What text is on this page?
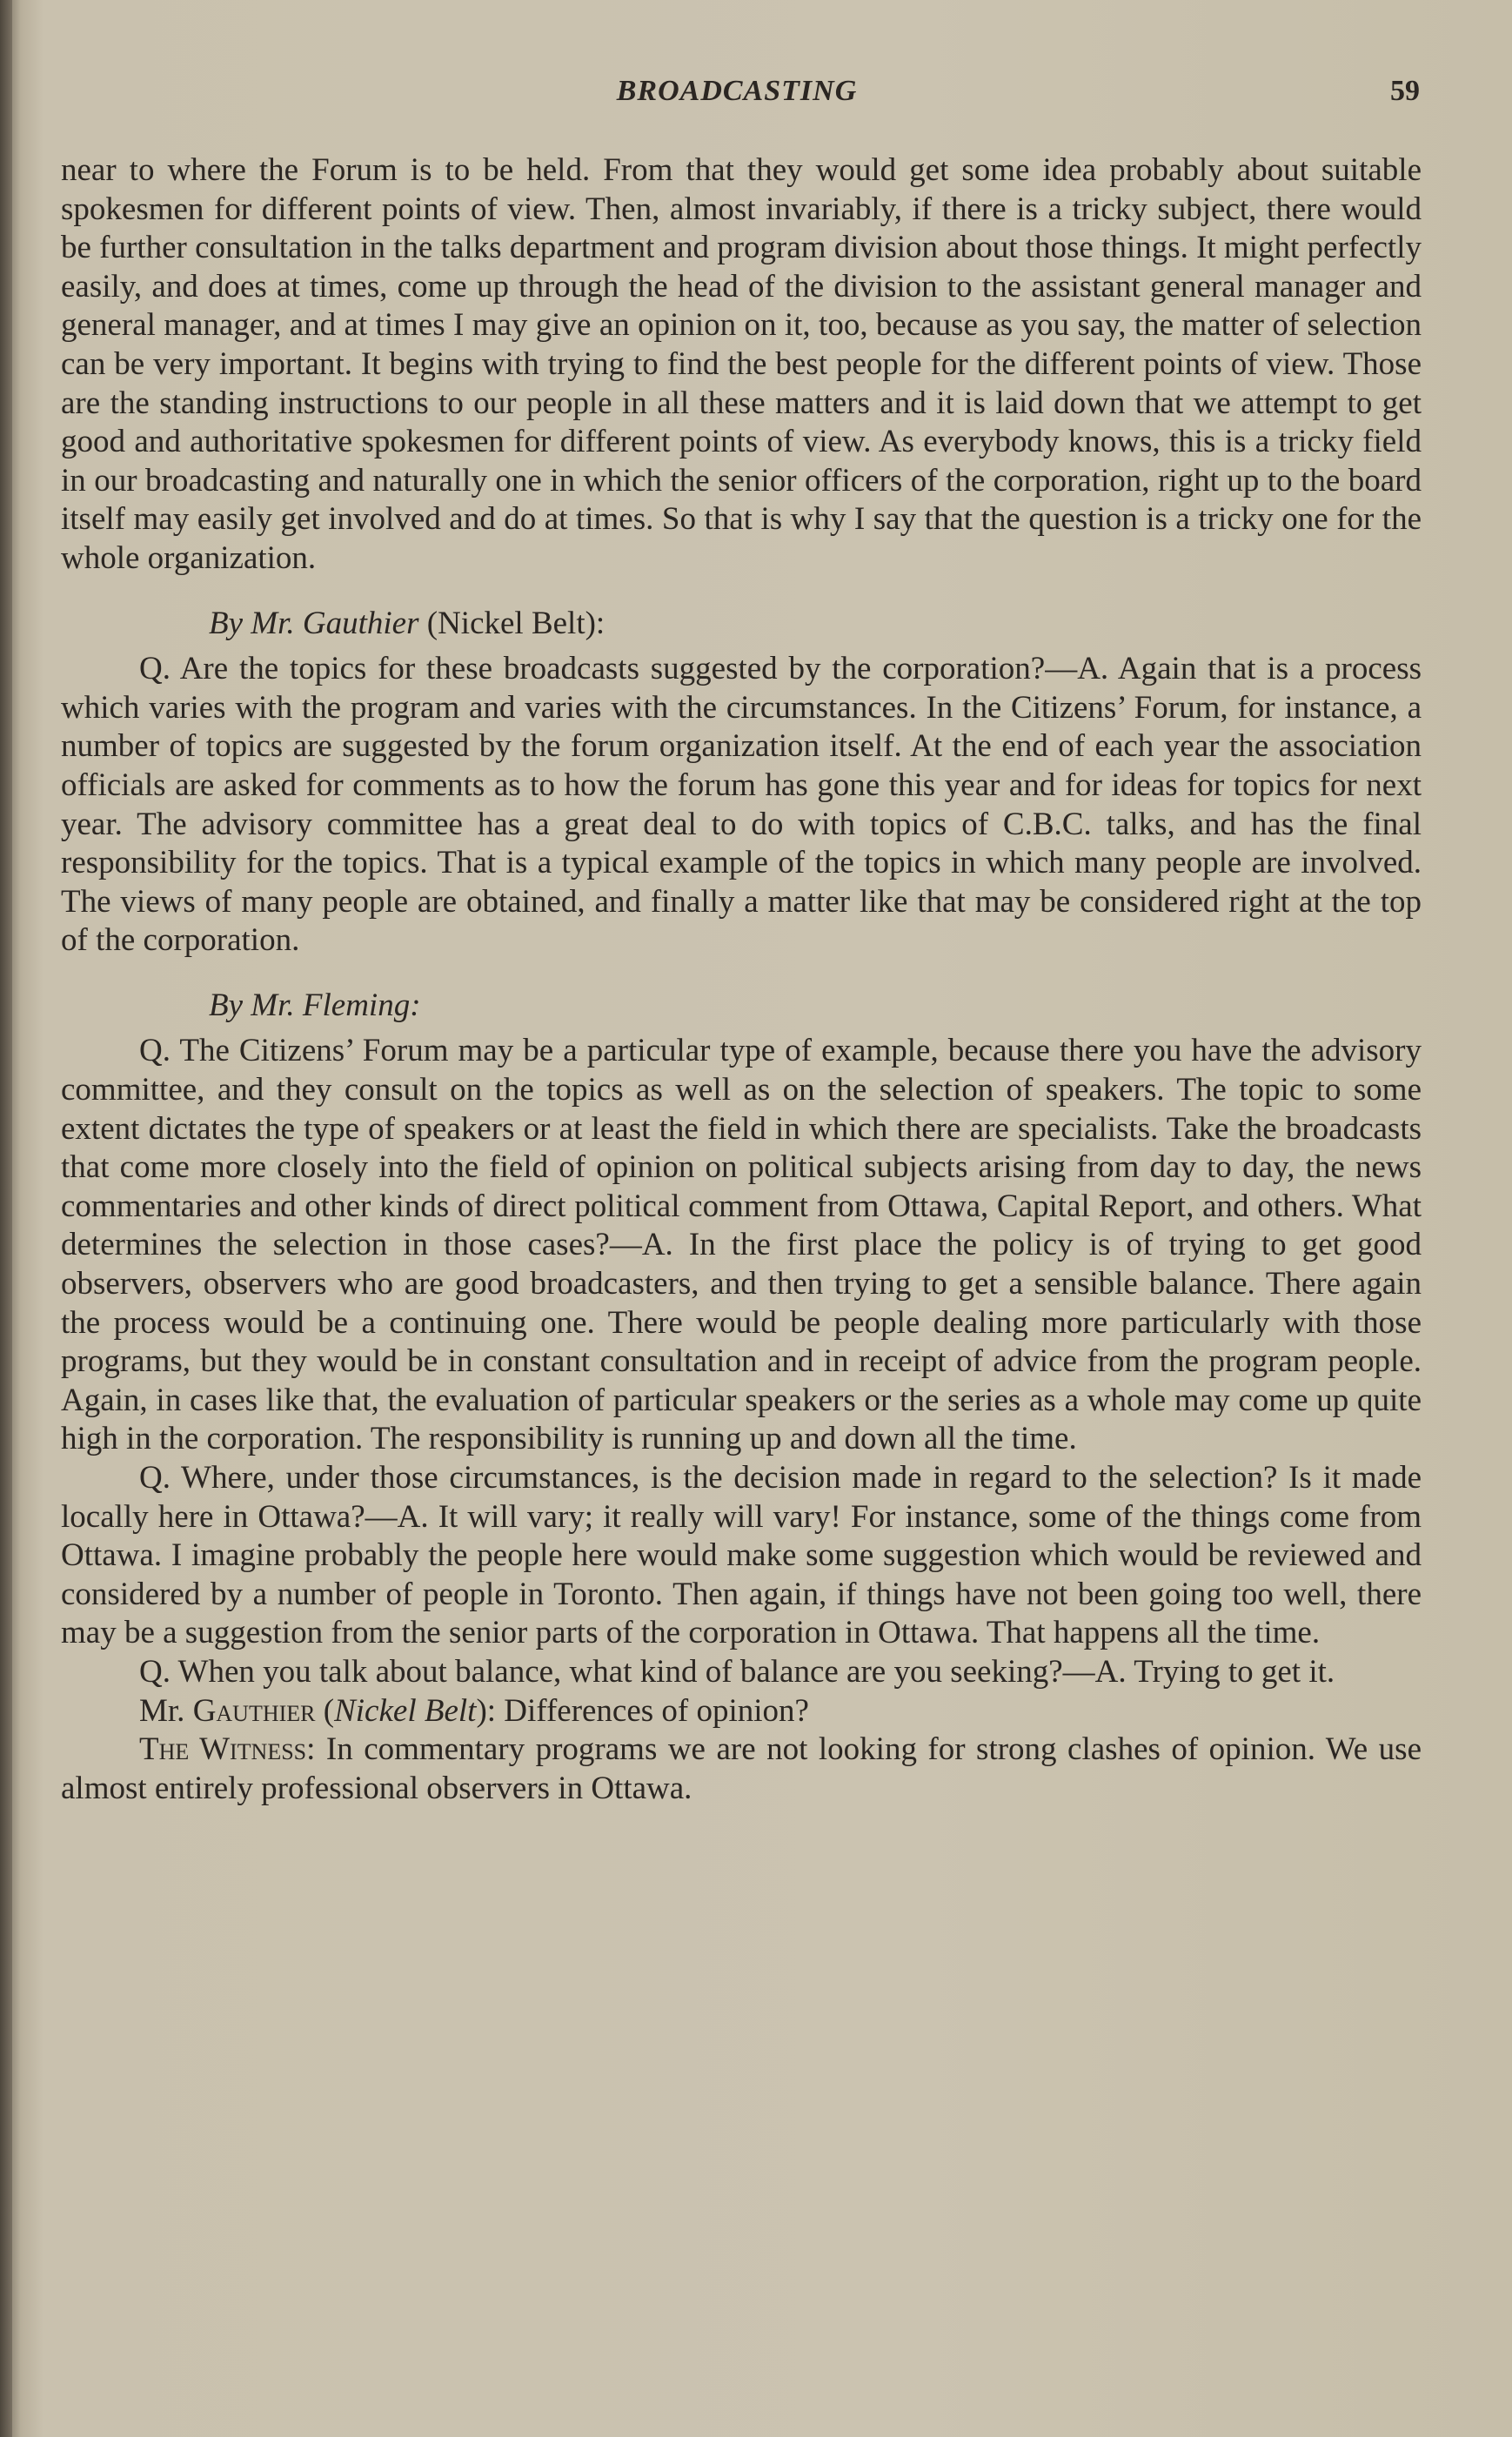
BROADCASTING	59

near to where the Forum is to be held. From that they would get some idea probably about suitable spokesmen for different points of view. Then, almost invariably, if there is a tricky subject, there would be further consultation in the talks department and program division about those things. It might perfectly easily, and does at times, come up through the head of the division to the assistant general manager and general manager, and at times I may give an opinion on it, too, because as you say, the matter of selection can be very important. It begins with trying to find the best people for the different points of view. Those are the standing instructions to our people in all these matters and it is laid down that we attempt to get good and authoritative spokesmen for different points of view. As everybody knows, this is a tricky field in our broadcasting and naturally one in which the senior officers of the corporation, right up to the board itself may easily get involved and do at times. So that is why I say that the question is a tricky one for the whole organization.

By Mr. Gauthier (Nickel Belt):

Q. Are the topics for these broadcasts suggested by the corporation?—A. Again that is a process which varies with the program and varies with the circumstances. In the Citizens’ Forum, for instance, a number of topics are suggested by the forum organization itself. At the end of each year the association officials are asked for comments as to how the forum has gone this year and for ideas for topics for next year. The advisory committee has a great deal to do with topics of C.B.C. talks, and has the final responsibility for the topics. That is a typical example of the topics in which many people are involved. The views of many people are obtained, and finally a matter like that may be considered right at the top of the corporation.

By Mr. Fleming:

Q. The Citizens’ Forum may be a particular type of example, because there you have the advisory committee, and they consult on the topics as well as on the selection of speakers. The topic to some extent dictates the type of speakers or at least the field in which there are specialists. Take the broadcasts that come more closely into the field of opinion on political subjects arising from day to day, the news commentaries and other kinds of direct political comment from Ottawa, Capital Report, and others. What determines the selection in those cases?—A. In the first place the policy is of trying to get good observers, observers who are good broadcasters, and then trying to get a sensible balance. There again the process would be a continuing one. There would be people dealing more particularly with those programs, but they would be in constant consultation and in receipt of advice from the program people. Again, in cases like that, the evaluation of particular speakers or the series as a whole may come up quite high in the corporation. The responsibility is running up and down all the time.

Q. Where, under those circumstances, is the decision made in regard to the selection? Is it made locally here in Ottawa?—A. It will vary; it really will vary! For instance, some of the things come from Ottawa. I imagine probably the people here would make some suggestion which would be reviewed and considered by a number of people in Toronto. Then again, if things have not been going too well, there may be a suggestion from the senior parts of the corporation in Ottawa. That happens all the time.

Q. When you talk about balance, what kind of balance are you seeking?—A. Trying to get it.

Mr. Gauthier (Nickel Belt): Differences of opinion?

The Witness: In commentary programs we are not looking for strong clashes of opinion. We use almost entirely professional observers in Ottawa.
